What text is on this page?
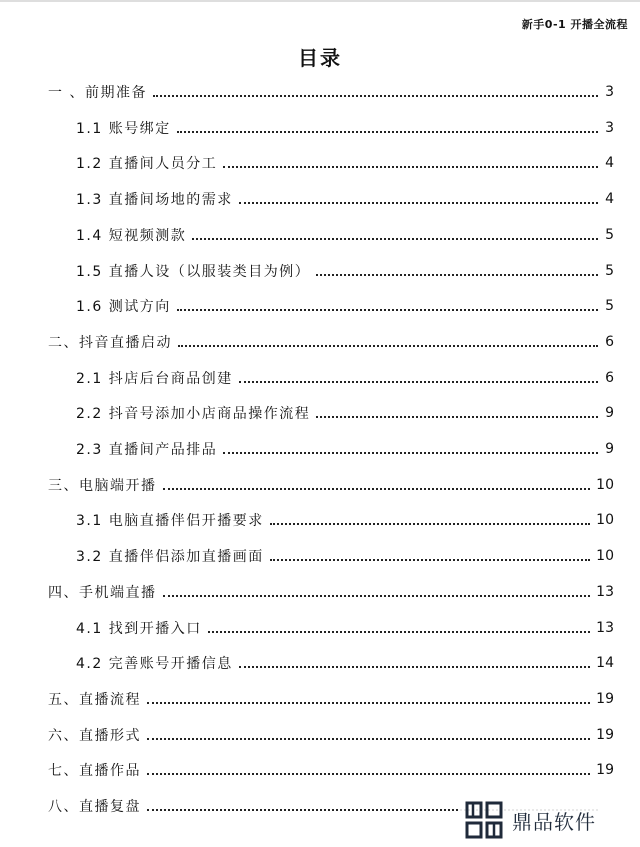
新手0-1 开播全流程
目录
一 、前期准备	3
1.1 账号绑定	3
1.2 直播间人员分工	4
1.3 直播间场地的需求	4
1.4 短视频测款	5
1.5 直播人设（以服装类目为例）	5
1.6 测试方向	5
二、抖音直播启动	6
2.1 抖店后台商品创建	6
2.2 抖音号添加小店商品操作流程	9
2.3 直播间产品排品	9
三、电脑端开播	10
3.1 电脑直播伴侣开播要求	10
3.2 直播伴侣添加直播画面	10
四、手机端直播	13
4.1 找到开播入口	13
4.2 完善账号开播信息	14
五、直播流程	19
六、直播形式	19
七、直播作品	19
八、直播复盘
鼎品软件
